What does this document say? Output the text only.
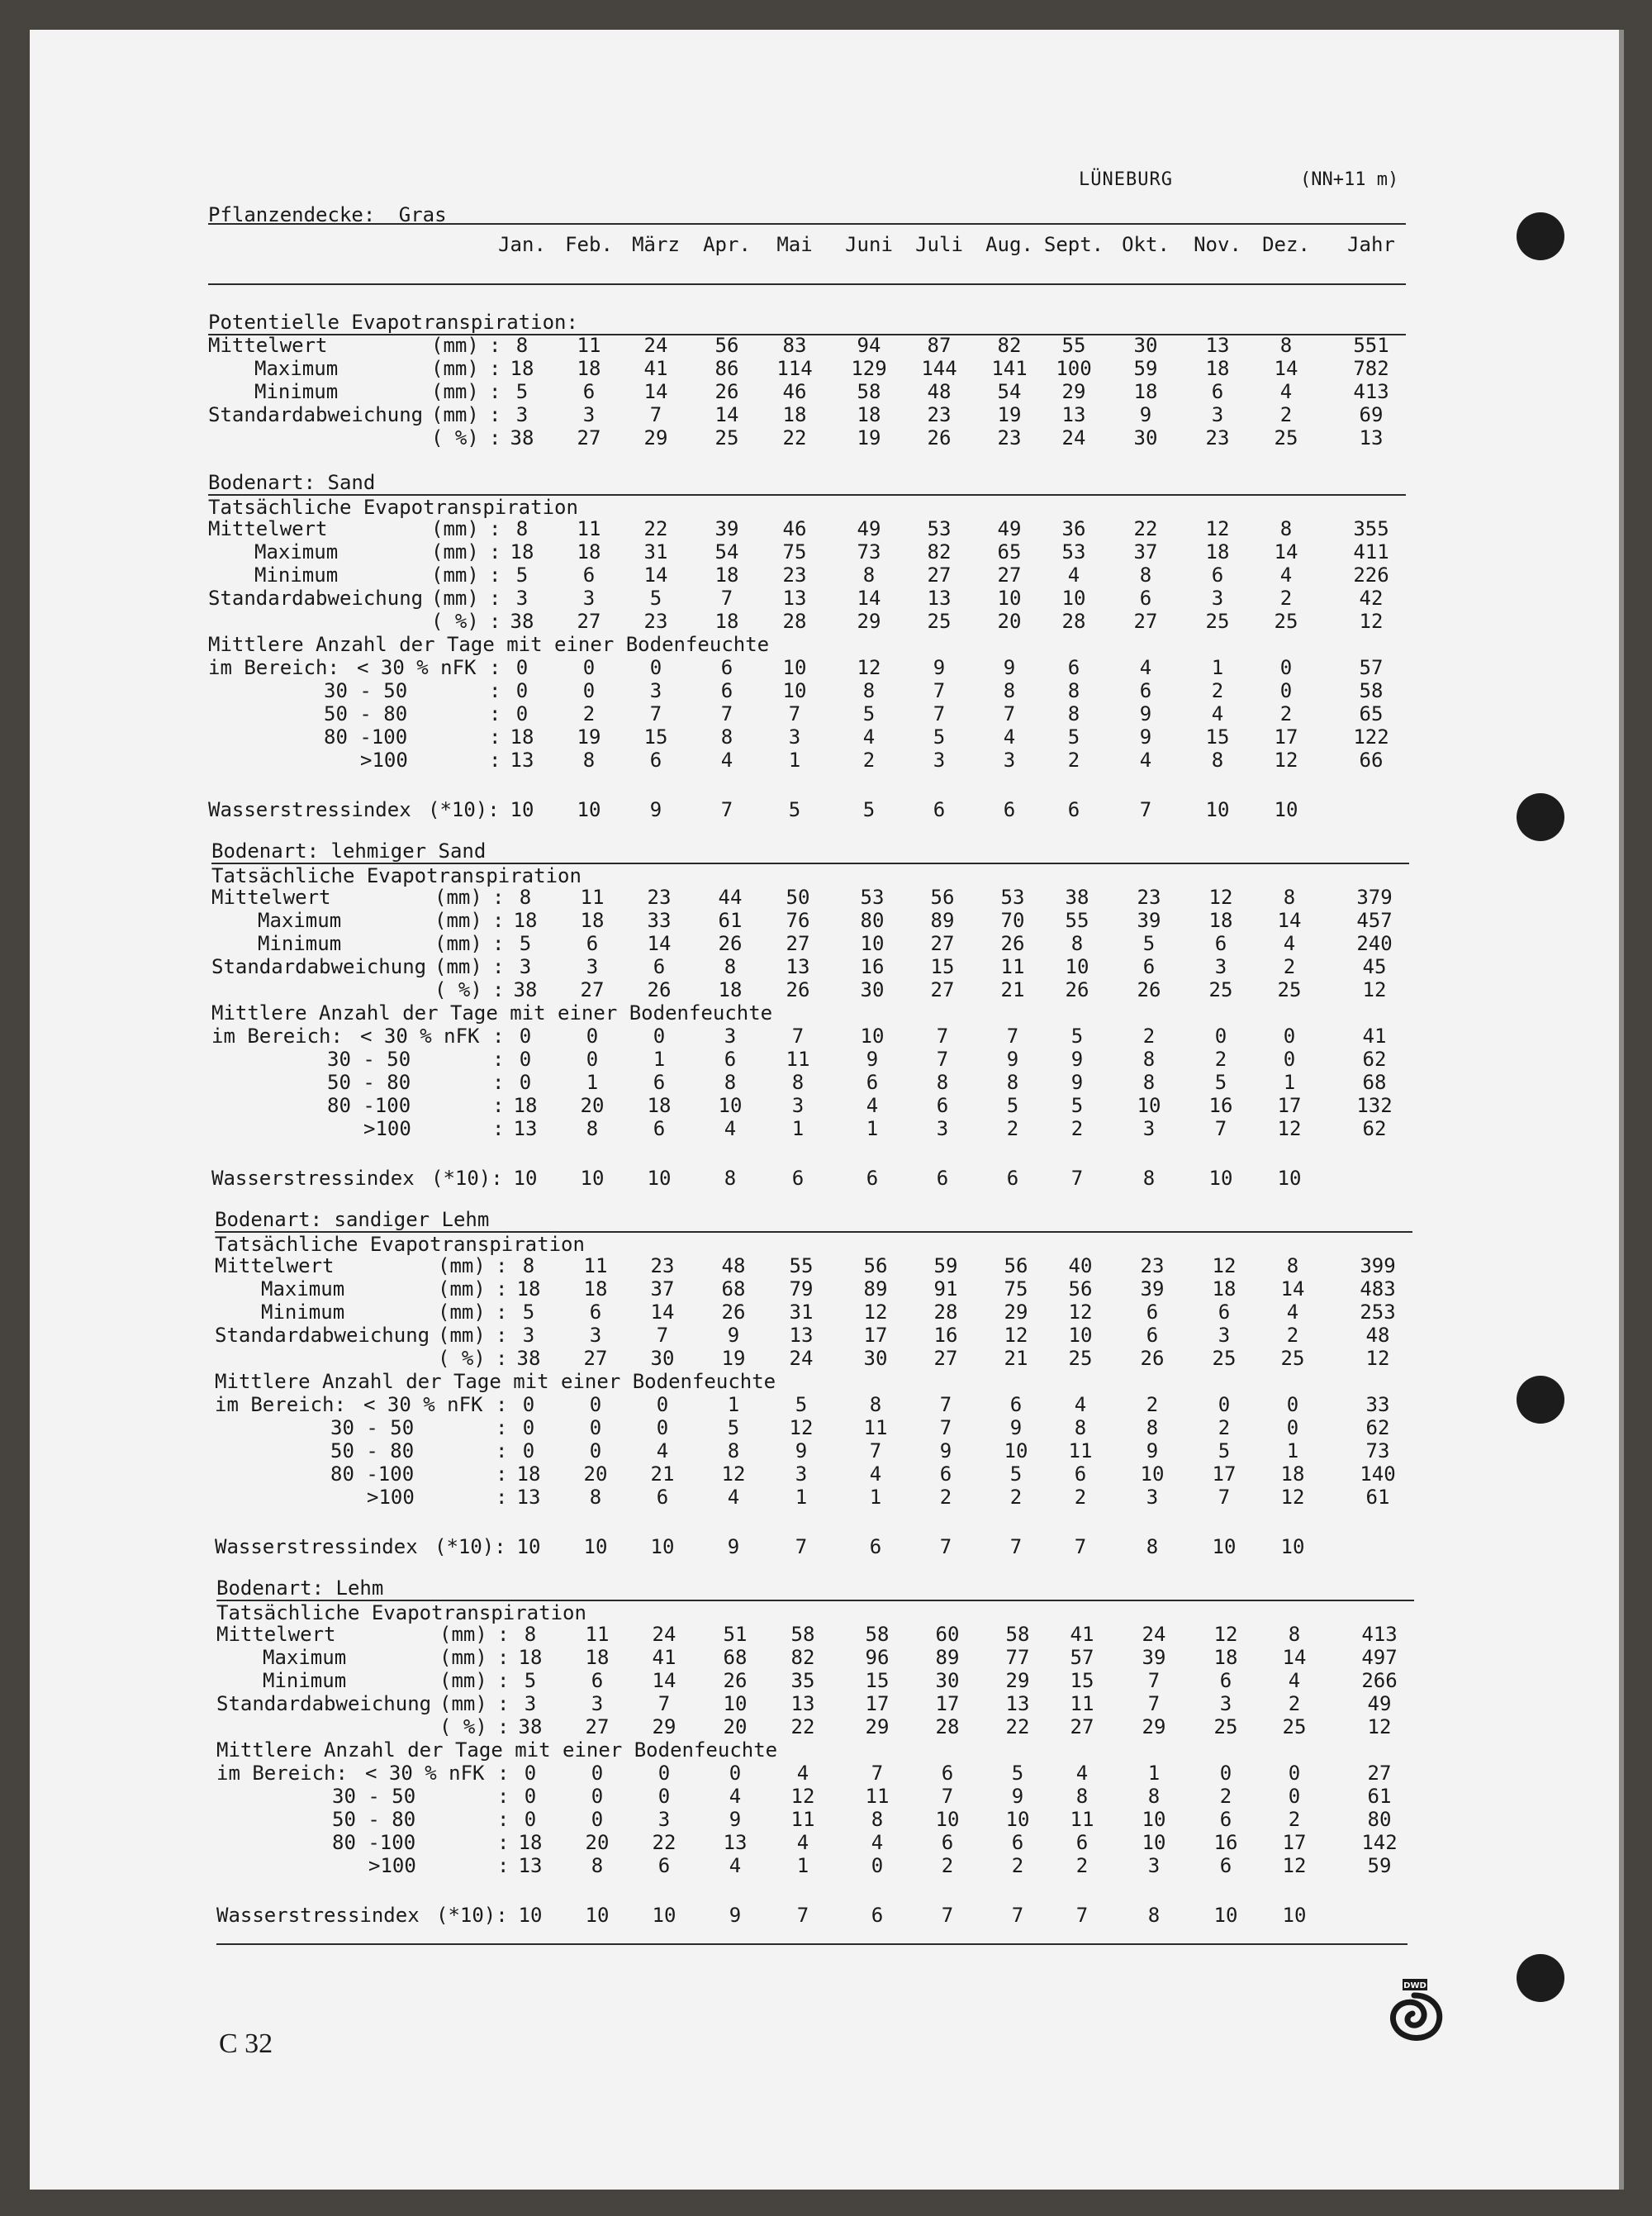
LÜNEBURG	(NN+11 m)
Pflanzendecke: Gras
Jan. Feb. März Apr. Mai Juni Juli Aug. Sept. Okt. Nov. Dez. Jahr
Potentielle Evapotranspiration:
Mittelwert	(mm) : 8 11 24 56 83	94 87 82 55 30 13	8	551
Maximum	(mm) : 18 18 41 86 114 129 144 141 100 59 18 14	782
Minimum	(mm) : 5	6 14 26 46	58 48 54 29 18	6	4	413
Standardabweichung (mm) : 3	3	7	14 18	18 23 19 13	9	3	2	69
( %) : 38 27 29 25 22	19 26 23 24 30 23 25	13
Bodenart: Sand
Tatsächliche Evapotranspiration
Mittelwert	(mm) : 8 11 22 39 46	49 53 49 36 22 12	8	355
Maximum	(mm) : 18 18 31 54 75	73 82 65 53 37 18 14	411
Minimum	(mm) : 5	6 14 18 23	8	27 27 4	8	6	4	226
Standardabweichung (mm) : 3	3	5	7	13	14 13 10 10	6	3	2	42
( %) : 38 27 23 18 28	29 25 20 28 27 25 25	12
Mittlere Anzahl der Tage mit einer Bodenfeuchte
im Bereich: < 30 % nFK : 0	0	0	6	10	12	9	9	6	4	1	0	57
30 - 50	: 0	0	3	6	10	8	7	8	8	6	2	0	58
50 - 80	: 0	2	7	7	7	5	7	7	8	9	4	2	65
80 -100	: 18 19 15	8	3	4	5	4	5	9	15 17	122
>100	: 13 8	6	4	1	2	3	3	2	4	8	12	66
Wasserstressindex (*10): 10 10 9	7	5	5	6	6	6	7	10 10
Bodenart: lehmiger Sand
Tatsächliche Evapotranspiration
Mittelwert	(mm) : 8 11 23 44 50	53 56 53 38 23 12	8	379
Maximum	(mm) : 18 18 33 61 76	80 89 70 55 39 18 14	457
Minimum	(mm) : 5	6 14 26 27	10 27 26 8	5	6	4	240
Standardabweichung (mm) : 3	3	6	8	13	16 15 11 10	6	3	2	45
( %) : 38 27 26 18 26	30 27 21 26 26 25 25	12
Mittlere Anzahl der Tage mit einer Bodenfeuchte
im Bereich: < 30 % nFK : 0	0	0	3	7	10	7	7	5	2	0	0	41
30 - 50	: 0	0	1	6	11	9	7	9	9	8	2	0	62
50 - 80	: 0	1	6	8	8	6	8	8	9	8	5	1	68
80 -100	: 18 20 18 10	3	4	6	5	5	10 16 17	132
>100	: 13 8	6	4	1	1	3	2	2	3	7	12	62
Wasserstressindex (*10): 10 10 10	8	6	6	6	6	7	8	10 10
Bodenart: sandiger Lehm
Tatsächliche Evapotranspiration
Mittelwert	(mm) : 8 11 23 48 55	56 59 56 40 23 12	8	399
Maximum	(mm) : 18 18 37 68 79	89 91 75 56 39 18 14	483
Minimum	(mm) : 5	6 14 26 31	12 28 29 12	6	6	4	253
Standardabweichung (mm) : 3	3	7	9	13	17 16 12 10	6	3	2	48
( %) : 38 27 30 19 24	30 27 21 25 26 25 25	12
Mittlere Anzahl der Tage mit einer Bodenfeuchte
im Bereich: < 30 % nFK : 0	0	0	1	5	8	7	6	4	2	0	0	33
30 - 50	: 0	0	0	5	12	11	7	9	8	8	2	0	62
50 - 80	: 0	0	4	8	9	7	9	10 11	9	5	1	73
80 -100	: 18 20 21 12	3	4	6	5	6	10 17 18	140
>100	: 13 8	6	4	1	1	2	2	2	3	7	12	61
Wasserstressindex (*10): 10 10 10	9	7	6	7	7	7	8	10 10
Bodenart: Lehm
Tatsächliche Evapotranspiration
Mittelwert	(mm) : 8 11 24 51 58	58 60 58 41 24 12	8	413
Maximum	(mm) : 18 18 41 68 82	96 89 77 57 39 18 14	497
Minimum	(mm) : 5	6 14 26 35	15 30 29 15	7	6	4	266
Standardabweichung (mm) : 3	3	7	10 13	17 17 13 11	7	3	2	49
( %) : 38 27 29 20 22	29 28 22 27 29 25 25	12
Mittlere Anzahl der Tage mit einer Bodenfeuchte
im Bereich: < 30 % nFK : 0	0	0	0	4	7	6	5	4	1	0	0	27
30 - 50	: 0	0	0	4	12	11	7	9	8	8	2	0	61
50 - 80	: 0	0	3	9	11	8	10 10 11 10	6	2	80
80 -100	: 18 20 22 13	4	4	6	6	6	10 16 17	142
>100	: 13 8	6	4	1	0	2	2	2	3	6	12	59
Wasserstressindex (*10): 10 10 10	9	7	6	7	7	7	8	10 10
C 32
DWD
